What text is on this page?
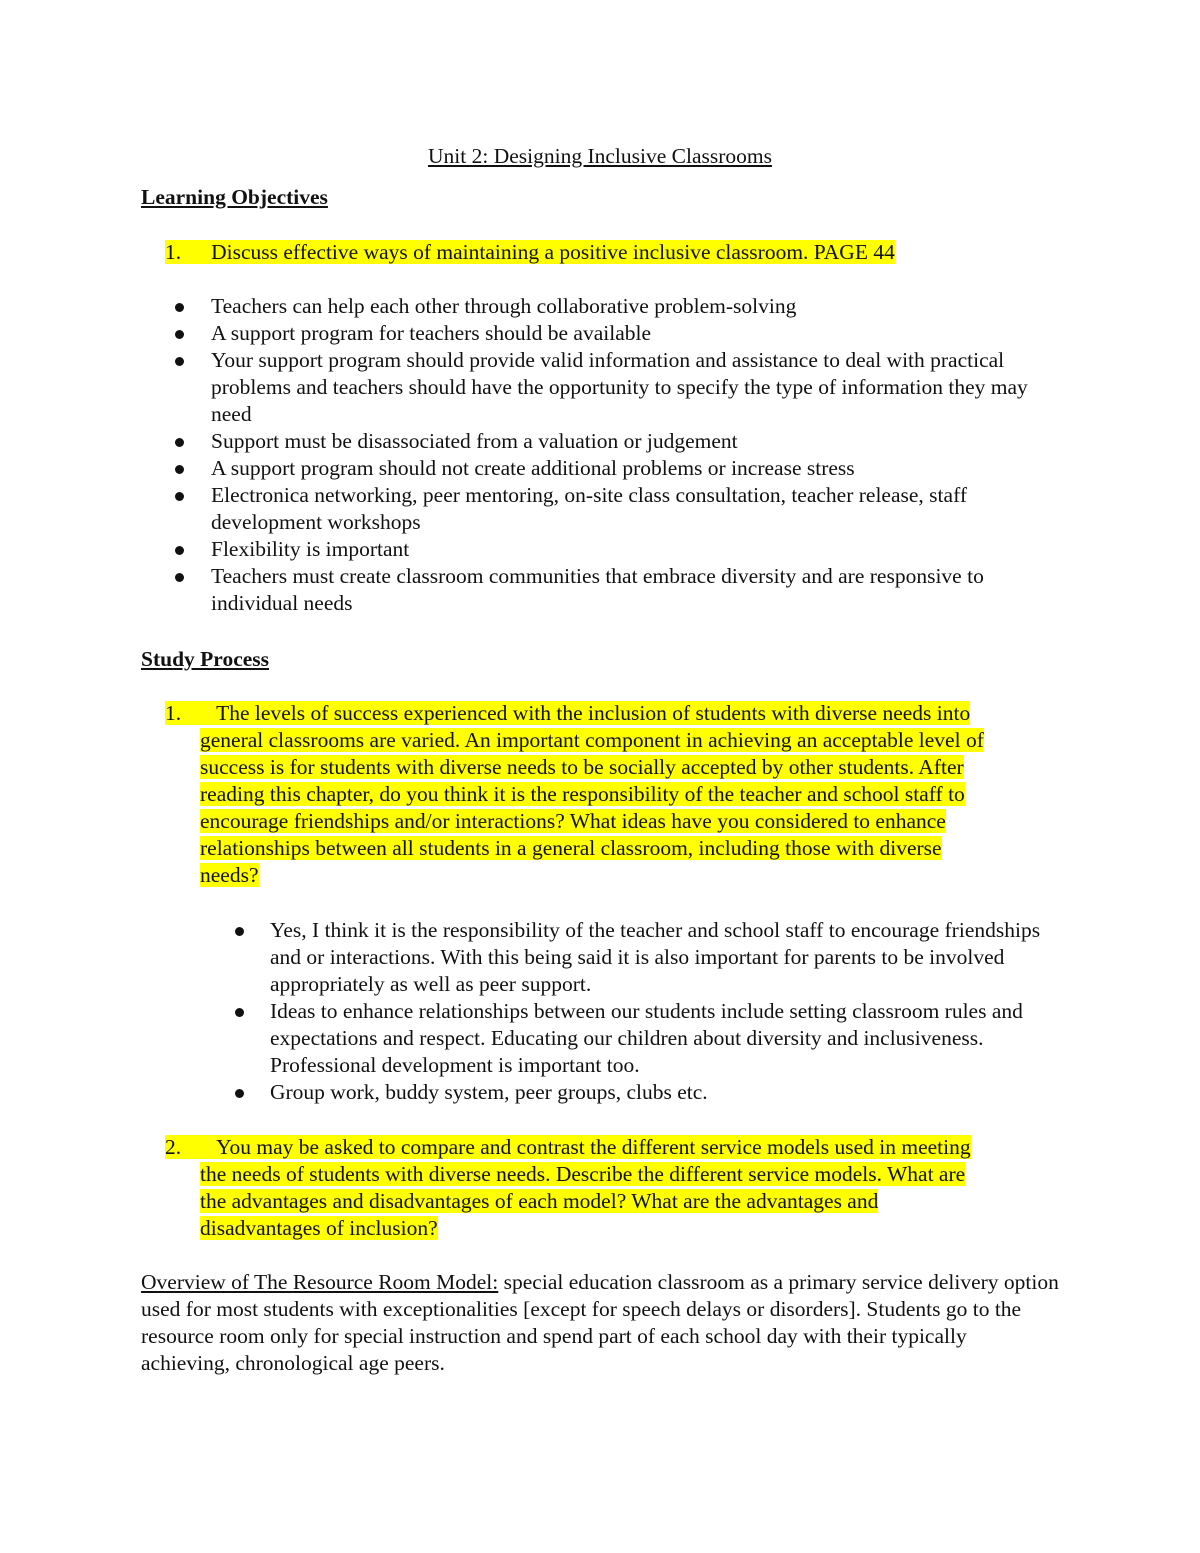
Unit 2: Designing Inclusive Classrooms
Learning Objectives
1. Discuss effective ways of maintaining a positive inclusive classroom. PAGE 44
Teachers can help each other through collaborative problem-solving
A support program for teachers should be available
Your support program should provide valid information and assistance to deal with practical problems and teachers should have the opportunity to specify the type of information they may need
Support must be disassociated from a valuation or judgement
A support program should not create additional problems or increase stress
Electronica networking, peer mentoring, on-site class consultation, teacher release, staff development workshops
Flexibility is important
Teachers must create classroom communities that embrace diversity and are responsive to individual needs
Study Process
1. The levels of success experienced with the inclusion of students with diverse needs into
general classrooms are varied. An important component in achieving an acceptable level of
success is for students with diverse needs to be socially accepted by other students. After
reading this chapter, do you think it is the responsibility of the teacher and school staff to
encourage friendships and/or interactions? What ideas have you considered to enhance
relationships between all students in a general classroom, including those with diverse
needs?
Yes, I think it is the responsibility of the teacher and school staff to encourage friendships and or interactions. With this being said it is also important for parents to be involved appropriately as well as peer support.
Ideas to enhance relationships between our students include setting classroom rules and expectations and respect. Educating our children about diversity and inclusiveness. Professional development is important too.
Group work, buddy system, peer groups, clubs etc.
2. You may be asked to compare and contrast the different service models used in meeting
the needs of students with diverse needs. Describe the different service models. What are
the advantages and disadvantages of each model? What are the advantages and
disadvantages of inclusion?
Overview of The Resource Room Model: special education classroom as a primary service delivery option used for most students with exceptionalities [except for speech delays or disorders]. Students go to the resource room only for special instruction and spend part of each school day with their typically achieving, chronological age peers.
